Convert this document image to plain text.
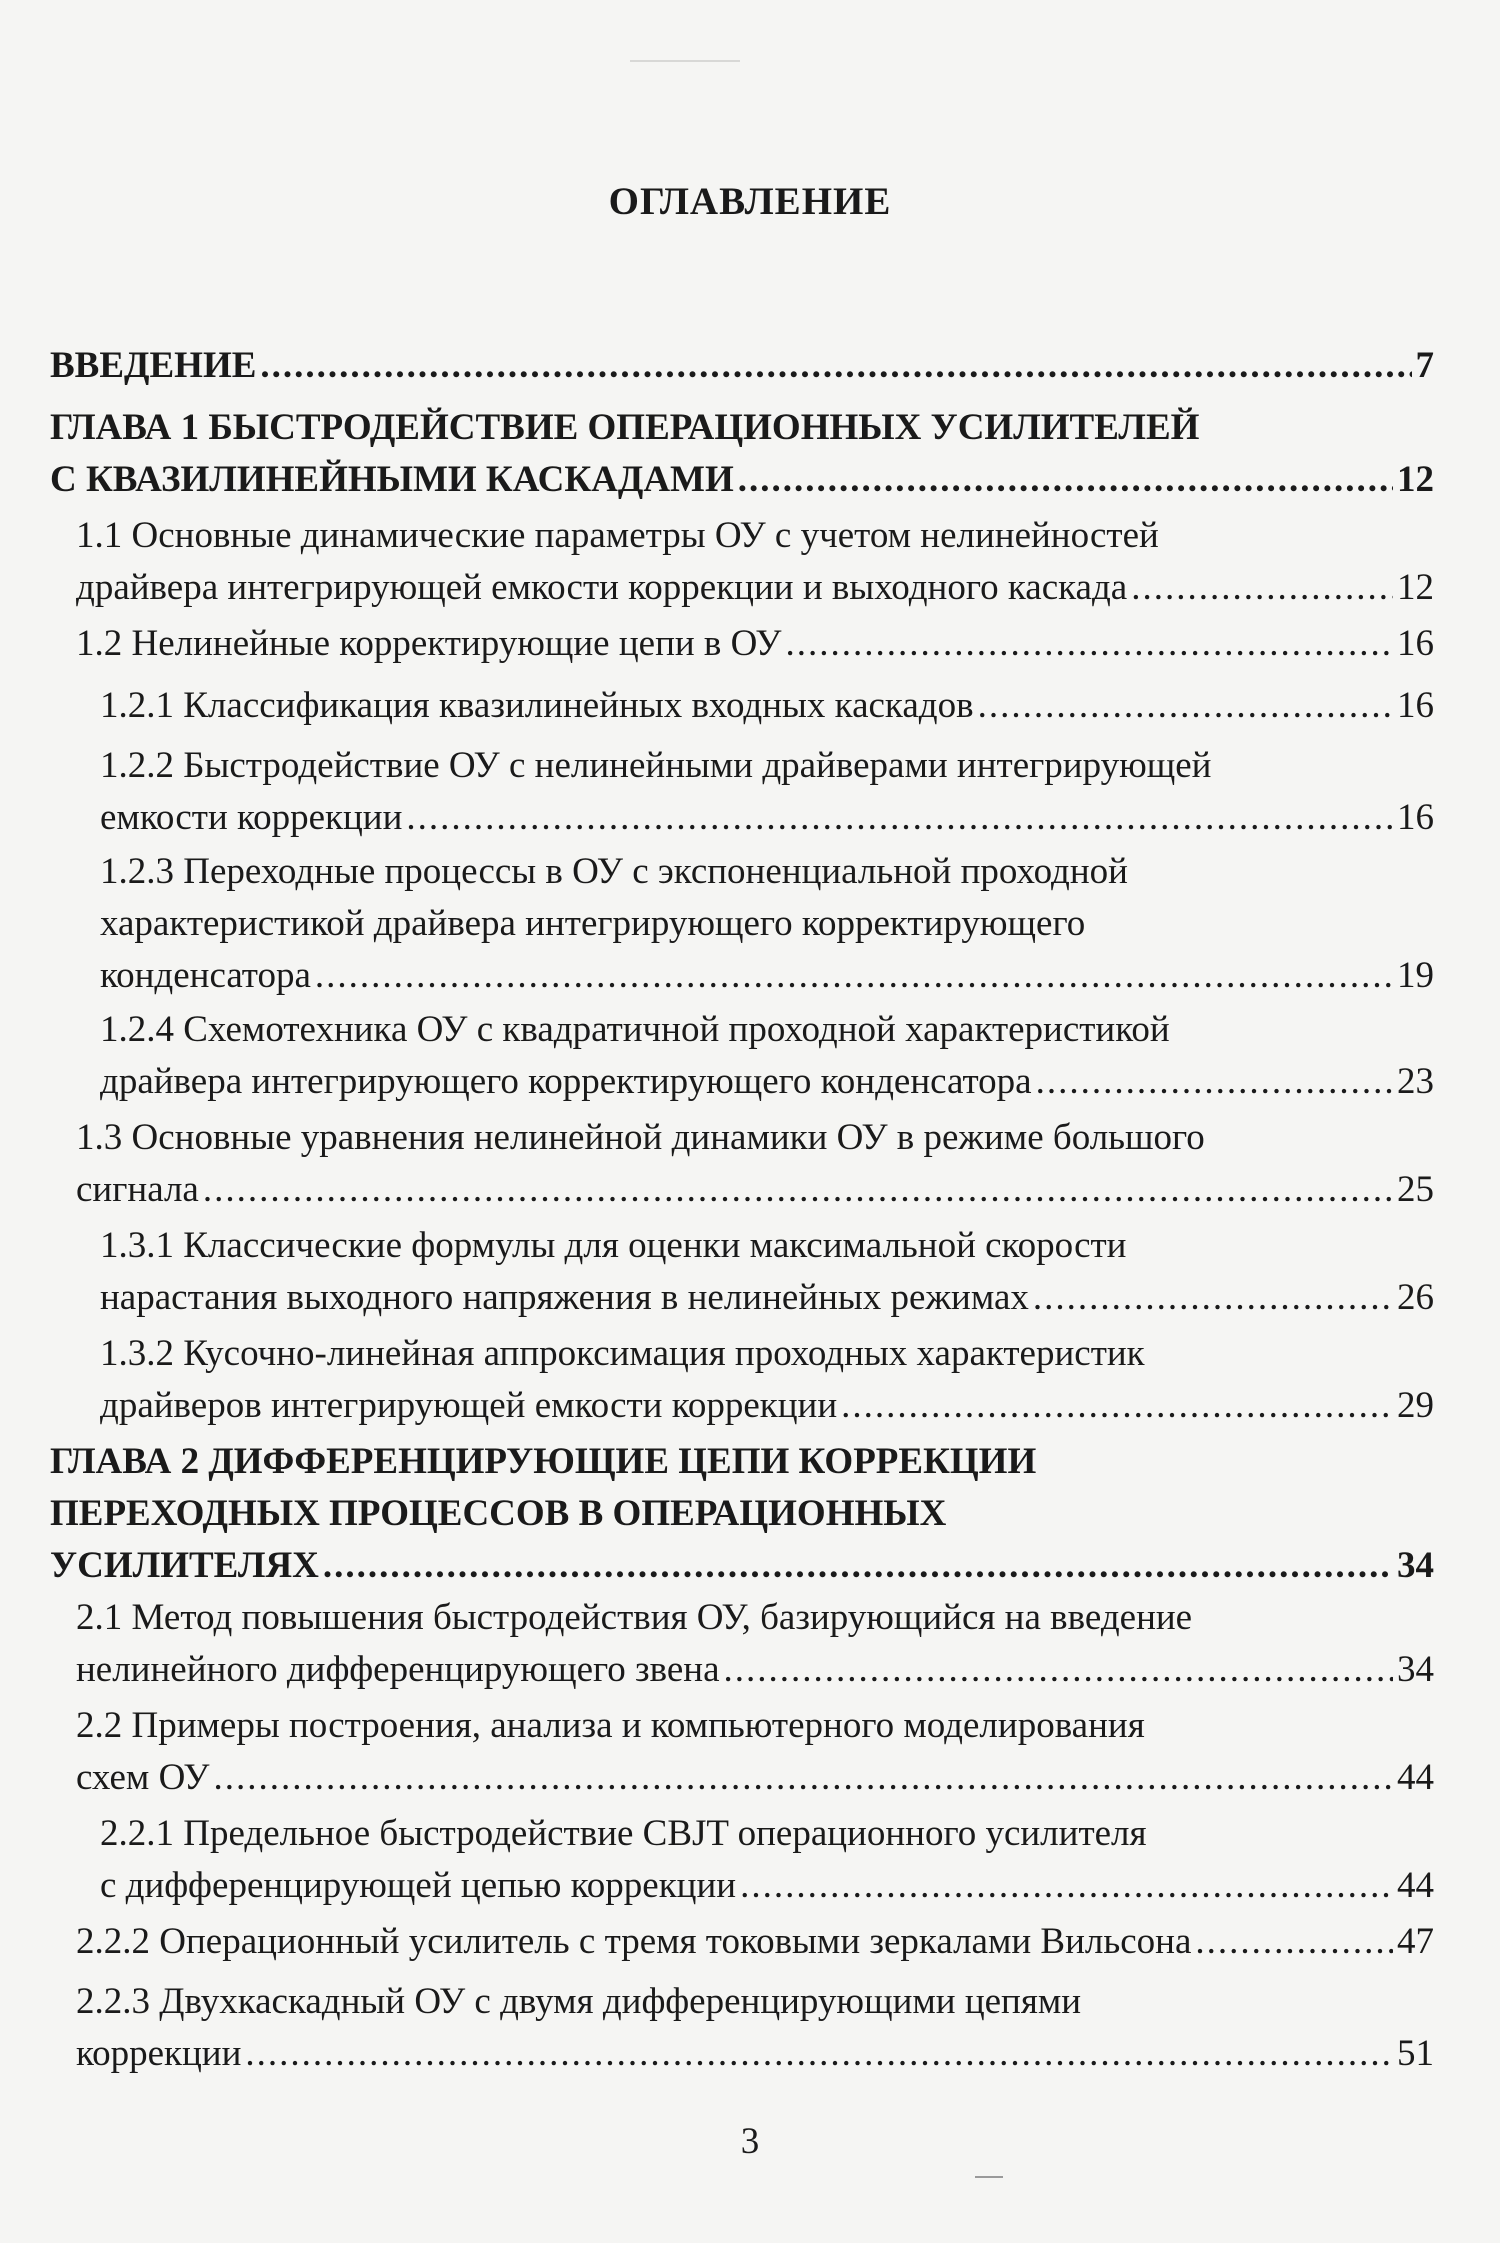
ОГЛАВЛЕНИЕ
ВВЕДЕНИЕ .....	7
ГЛАВА 1 БЫСТРОДЕЙСТВИЕ ОПЕРАЦИОННЫХ УСИЛИТЕЛЕЙ
С КВАЗИЛИНЕЙНЫМИ КАСКАДАМИ .....	12
1.1 Основные динамические параметры ОУ с учетом нелинейностей
драйвера интегрирующей емкости коррекции и выходного каскада .....	12
1.2 Нелинейные корректирующие цепи в ОУ .....	16
1.2.1 Классификация квазилинейных входных каскадов .....	16
1.2.2 Быстродействие ОУ с нелинейными драйверами интегрирующей
емкости коррекции .....	16
1.2.3 Переходные процессы в ОУ с экспоненциальной проходной
характеристикой драйвера интегрирующего корректирующего
конденсатора .....	19
1.2.4 Схемотехника ОУ с квадратичной проходной характеристикой
драйвера интегрирующего корректирующего конденсатора .....	23
1.3 Основные уравнения нелинейной динамики ОУ в режиме большого
сигнала .....	25
1.3.1 Классические формулы для оценки максимальной скорости
нарастания выходного напряжения в нелинейных режимах .....	26
1.3.2 Кусочно-линейная аппроксимация проходных характеристик
драйверов интегрирующей емкости коррекции .....	29
ГЛАВА 2 ДИФФЕРЕНЦИРУЮЩИЕ ЦЕПИ КОРРЕКЦИИ
ПЕРЕХОДНЫХ ПРОЦЕССОВ В ОПЕРАЦИОННЫХ
УСИЛИТЕЛЯХ .....	34
2.1 Метод повышения быстродействия ОУ, базирующийся на введение
нелинейного дифференцирующего звена .....	34
2.2 Примеры построения, анализа и компьютерного моделирования
схем ОУ .....	44
2.2.1 Предельное быстродействие CBJT операционного усилителя
с дифференцирующей цепью коррекции .....	44
2.2.2 Операционный усилитель с тремя токовыми зеркалами Вильсона .....	47
2.2.3 Двухкаскадный ОУ с двумя дифференцирующими цепями
коррекции .....	51
3
